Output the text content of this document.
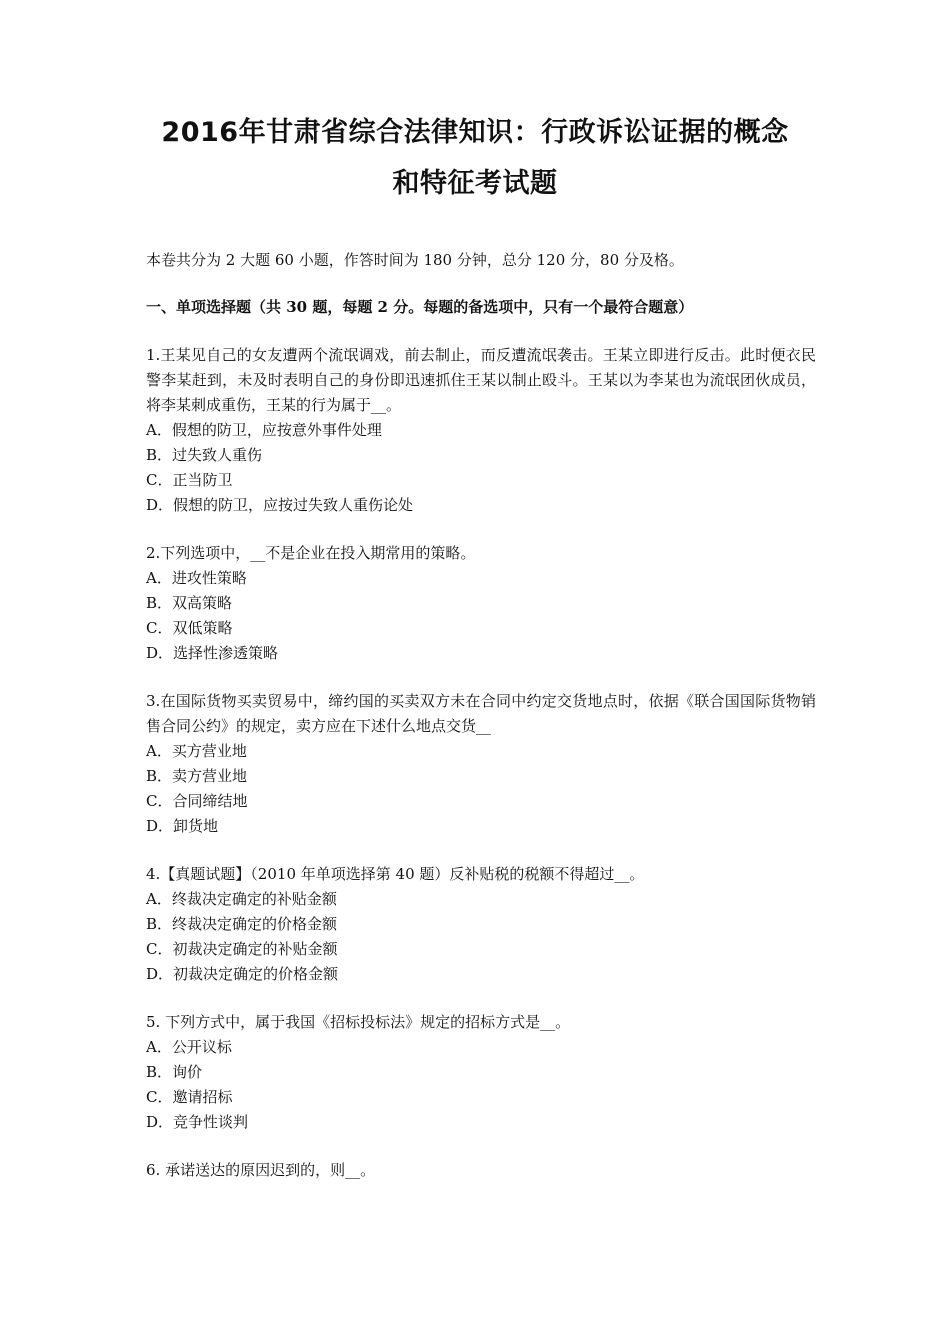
2016年甘肃省综合法律知识：行政诉讼证据的概念
和特征考试题

本卷共分为 2 大题 60 小题，作答时间为 180 分钟，总分 120 分，80 分及格。

一、单项选择题（共 30 题，每题 2 分。每题的备选项中，只有一个最符合题意）

1.王某见自己的女友遭两个流氓调戏，前去制止，而反遭流氓袭击。王某立即进行反击。此时便衣民警李某赶到，未及时表明自己的身份即迅速抓住王某以制止殴斗。王某以为李某也为流氓团伙成员，将李某刺成重伤，王某的行为属于__。

A．假想的防卫，应按意外事件处理

B．过失致人重伤

C．正当防卫

D．假想的防卫，应按过失致人重伤论处

2.下列选项中，__不是企业在投入期常用的策略。

A．进攻性策略

B．双高策略

C．双低策略

D．选择性渗透策略

3.在国际货物买卖贸易中，缔约国的买卖双方未在合同中约定交货地点时，依据《联合国国际货物销售合同公约》的规定，卖方应在下述什么地点交货__

A．买方营业地

B．卖方营业地

C．合同缔结地

D．卸货地

4.【真题试题】（2010 年单项选择第 40 题）反补贴税的税额不得超过__。

A．终裁决定确定的补贴金额

B．终裁决定确定的价格金额

C．初裁决定确定的补贴金额

D．初裁决定确定的价格金额

5. 下列方式中，属于我国《招标投标法》规定的招标方式是__。

A．公开议标

B．询价

C．邀请招标

D．竞争性谈判

6. 承诺送达的原因迟到的，则__。
